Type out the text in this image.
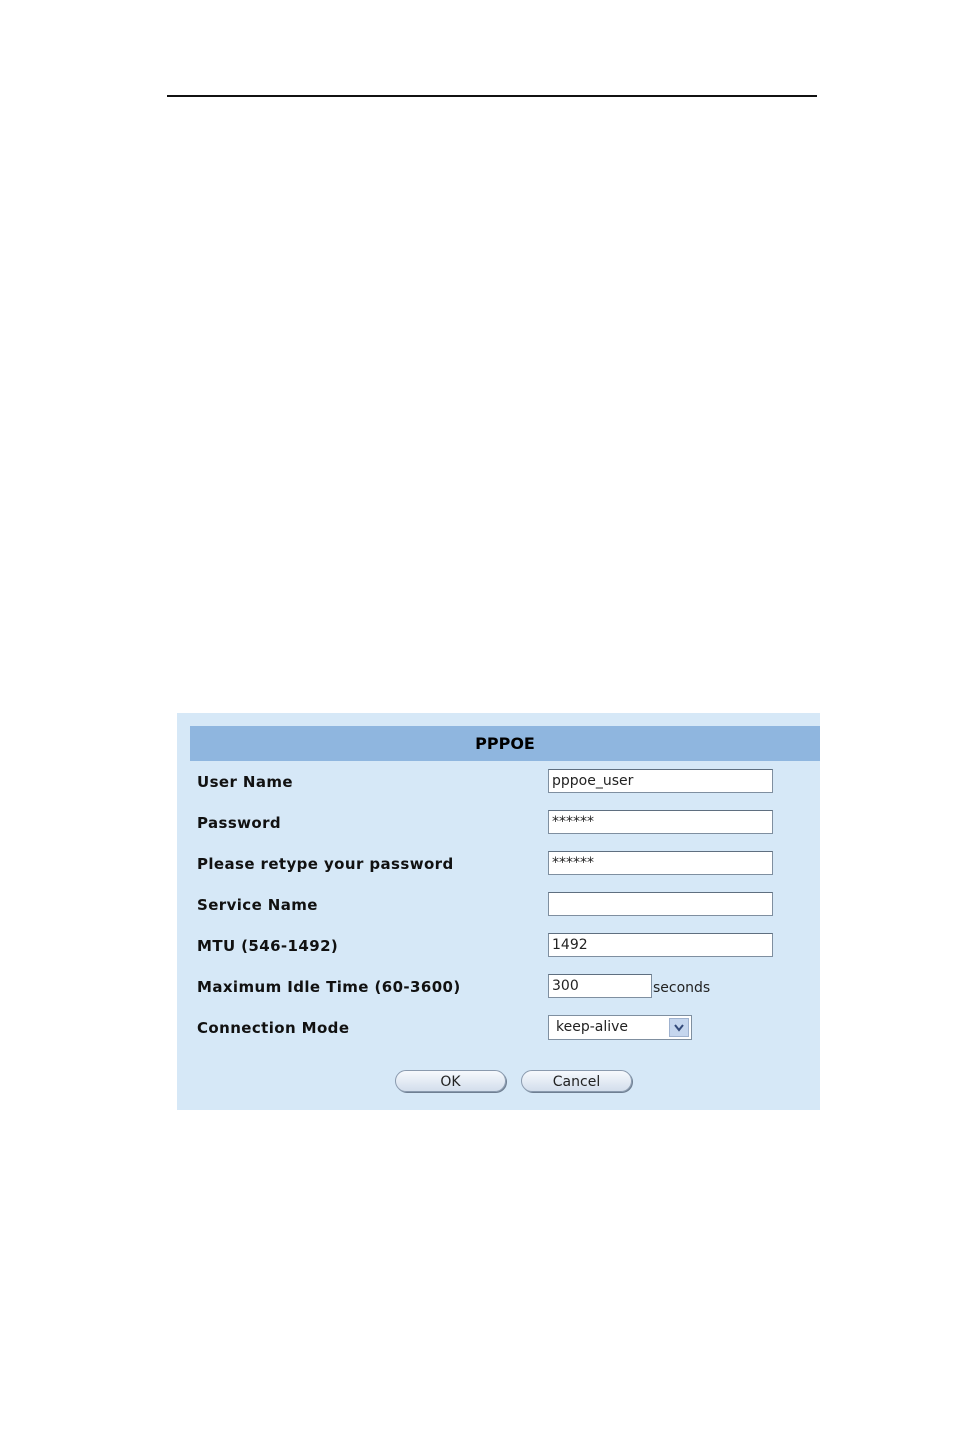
PPPOE
User Name	pppoe_user
Password	******
Please retype your password	******
Service Name
MTU (546-1492)	1492
Maximum Idle Time (60-3600)	300	seconds
Connection Mode	keep-alive
OK	Cancel
